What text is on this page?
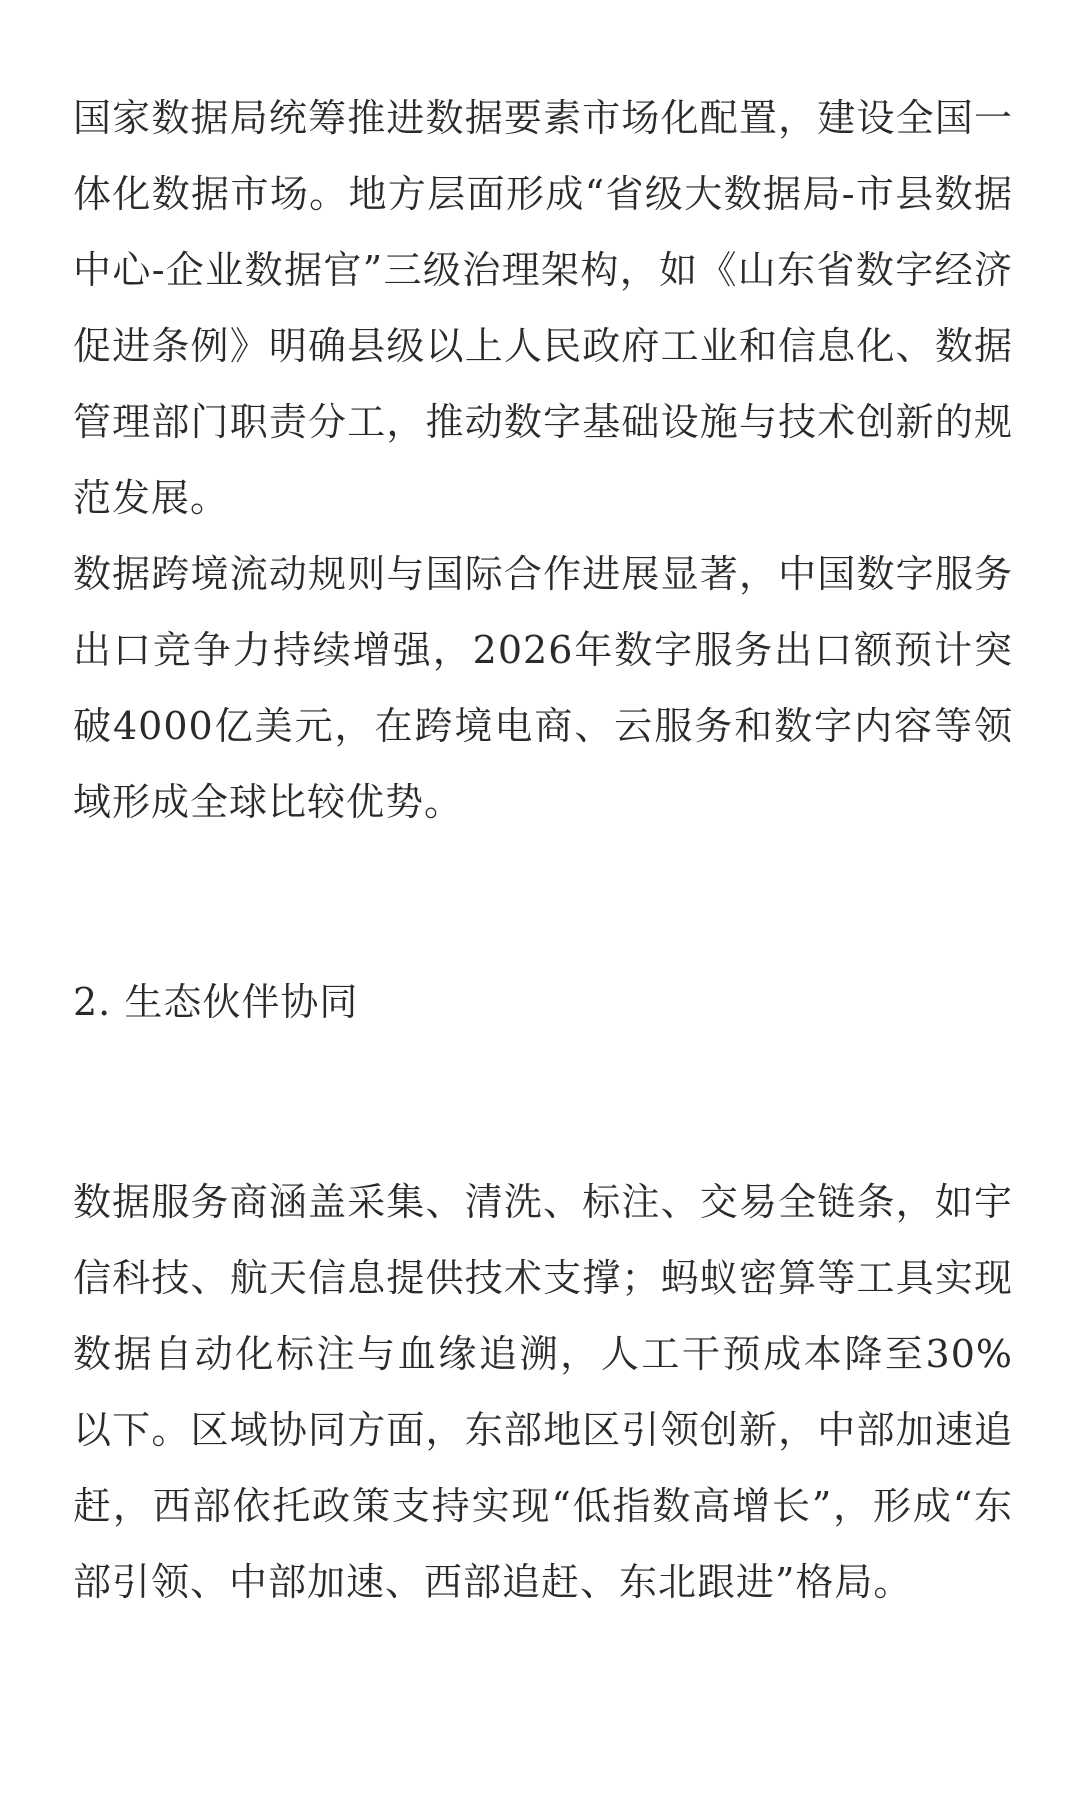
国家数据局统筹推进数据要素市场化配置，建设全国一体化数据市场。地方层面形成“省级大数据局-市县数据中心-企业数据官”三级治理架构，如《山东省数字经济促进条例》明确县级以上人民政府工业和信息化、数据管理部门职责分工，推动数字基础设施与技术创新的规范发展。

数据跨境流动规则与国际合作进展显著，中国数字服务出口竞争力持续增强，2026年数字服务出口额预计突破4000亿美元，在跨境电商、云服务和数字内容等领域形成全球比较优势。

2. 生态伙伴协同

数据服务商涵盖采集、清洗、标注、交易全链条，如宇信科技、航天信息提供技术支撑；蚂蚁密算等工具实现数据自动化标注与血缘追溯，人工干预成本降至30%以下。区域协同方面，东部地区引领创新，中部加速追赶，西部依托政策支持实现“低指数高增长”，形成“东部引领、中部加速、西部追赶、东北跟进”格局。
